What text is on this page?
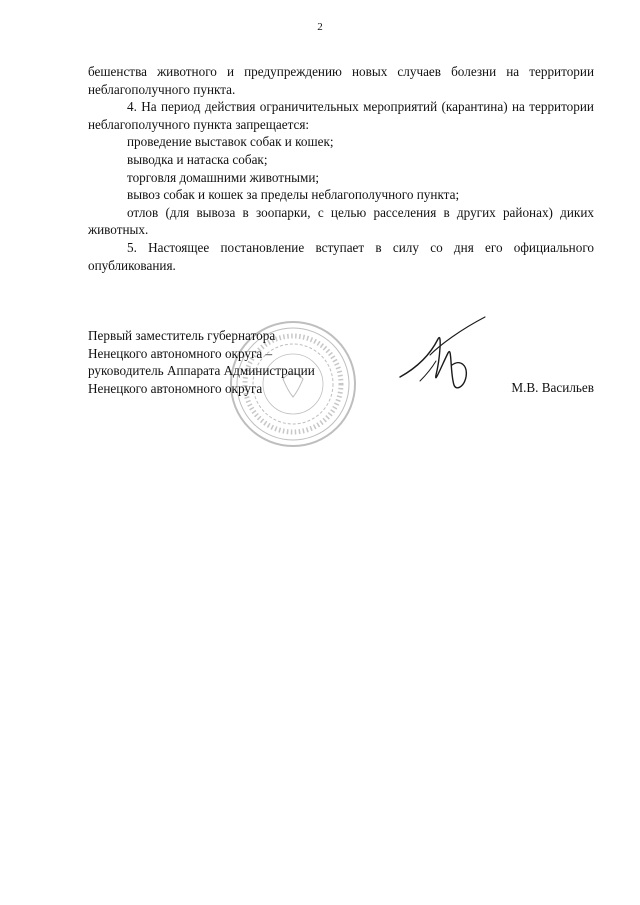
2

бешенства животного и предупреждению новых случаев болезни на территории неблагополучного пункта.

4. На период действия ограничительных мероприятий (карантина) на территории неблагополучного пункта запрещается:

проведение выставок собак и кошек;

выводка и натаска собак;

торговля домашними животными;

вывоз собак и кошек за пределы неблагополучного пункта;

отлов (для вывоза в зоопарки, с целью расселения в других районах) диких животных.

5. Настоящее постановление вступает в силу со дня его официального опубликования.

Первый заместитель губернатора
Ненецкого автономного округа –
руководитель Аппарата Администрации
Ненецкого автономного округа	М.В. Васильев
